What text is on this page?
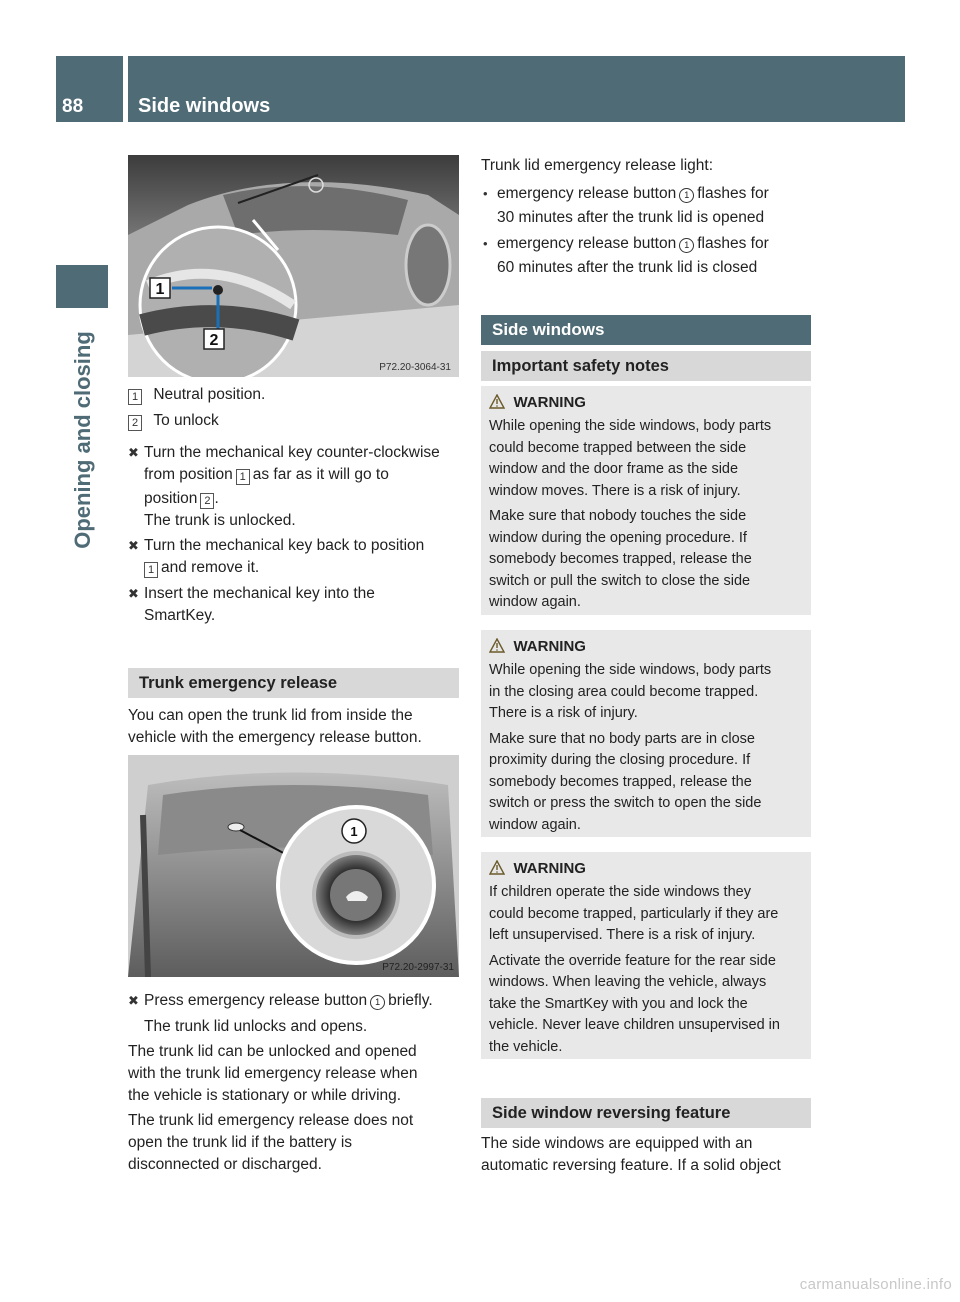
88	Side windows
Opening and closing
1
2
P72.20-3064-31
1 Neutral position.
2 To unlock
✖ Turn the mechanical key counter-clockwise
from position 1 as far as it will go to
position 2 .
The trunk is unlocked.
✖ Turn the mechanical key back to position
1 and remove it.
✖ Insert the mechanical key into the
SmartKey.
Trunk emergency release
You can open the trunk lid from inside the
vehicle with the emergency release button.
1
P72.20-2997-31
✖ Press emergency release button 1 briefly.
The trunk lid unlocks and opens.
The trunk lid can be unlocked and opened
with the trunk lid emergency release when
the vehicle is stationary or while driving.
The trunk lid emergency release does not
open the trunk lid if the battery is
disconnected or discharged.
Trunk lid emergency release light:
• emergency release button 1 flashes for
30 minutes after the trunk lid is opened
• emergency release button 1 flashes for
60 minutes after the trunk lid is closed
Side windows
Important safety notes
WARNING

While opening the side windows, body parts
could become trapped between the side
window and the door frame as the side
window moves. There is a risk of injury.

Make sure that nobody touches the side
window during the opening procedure. If
somebody becomes trapped, release the
switch or pull the switch to close the side
window again.

WARNING

While opening the side windows, body parts
in the closing area could become trapped.
There is a risk of injury.

Make sure that no body parts are in close
proximity during the closing procedure. If
somebody becomes trapped, release the
switch or press the switch to open the side
window again.

WARNING

If children operate the side windows they
could become trapped, particularly if they are
left unsupervised. There is a risk of injury.

Activate the override feature for the rear side
windows. When leaving the vehicle, always
take the SmartKey with you and lock the
vehicle. Never leave children unsupervised in
the vehicle.

Side window reversing feature
The side windows are equipped with an
automatic reversing feature. If a solid object
carmanualsonline.info
